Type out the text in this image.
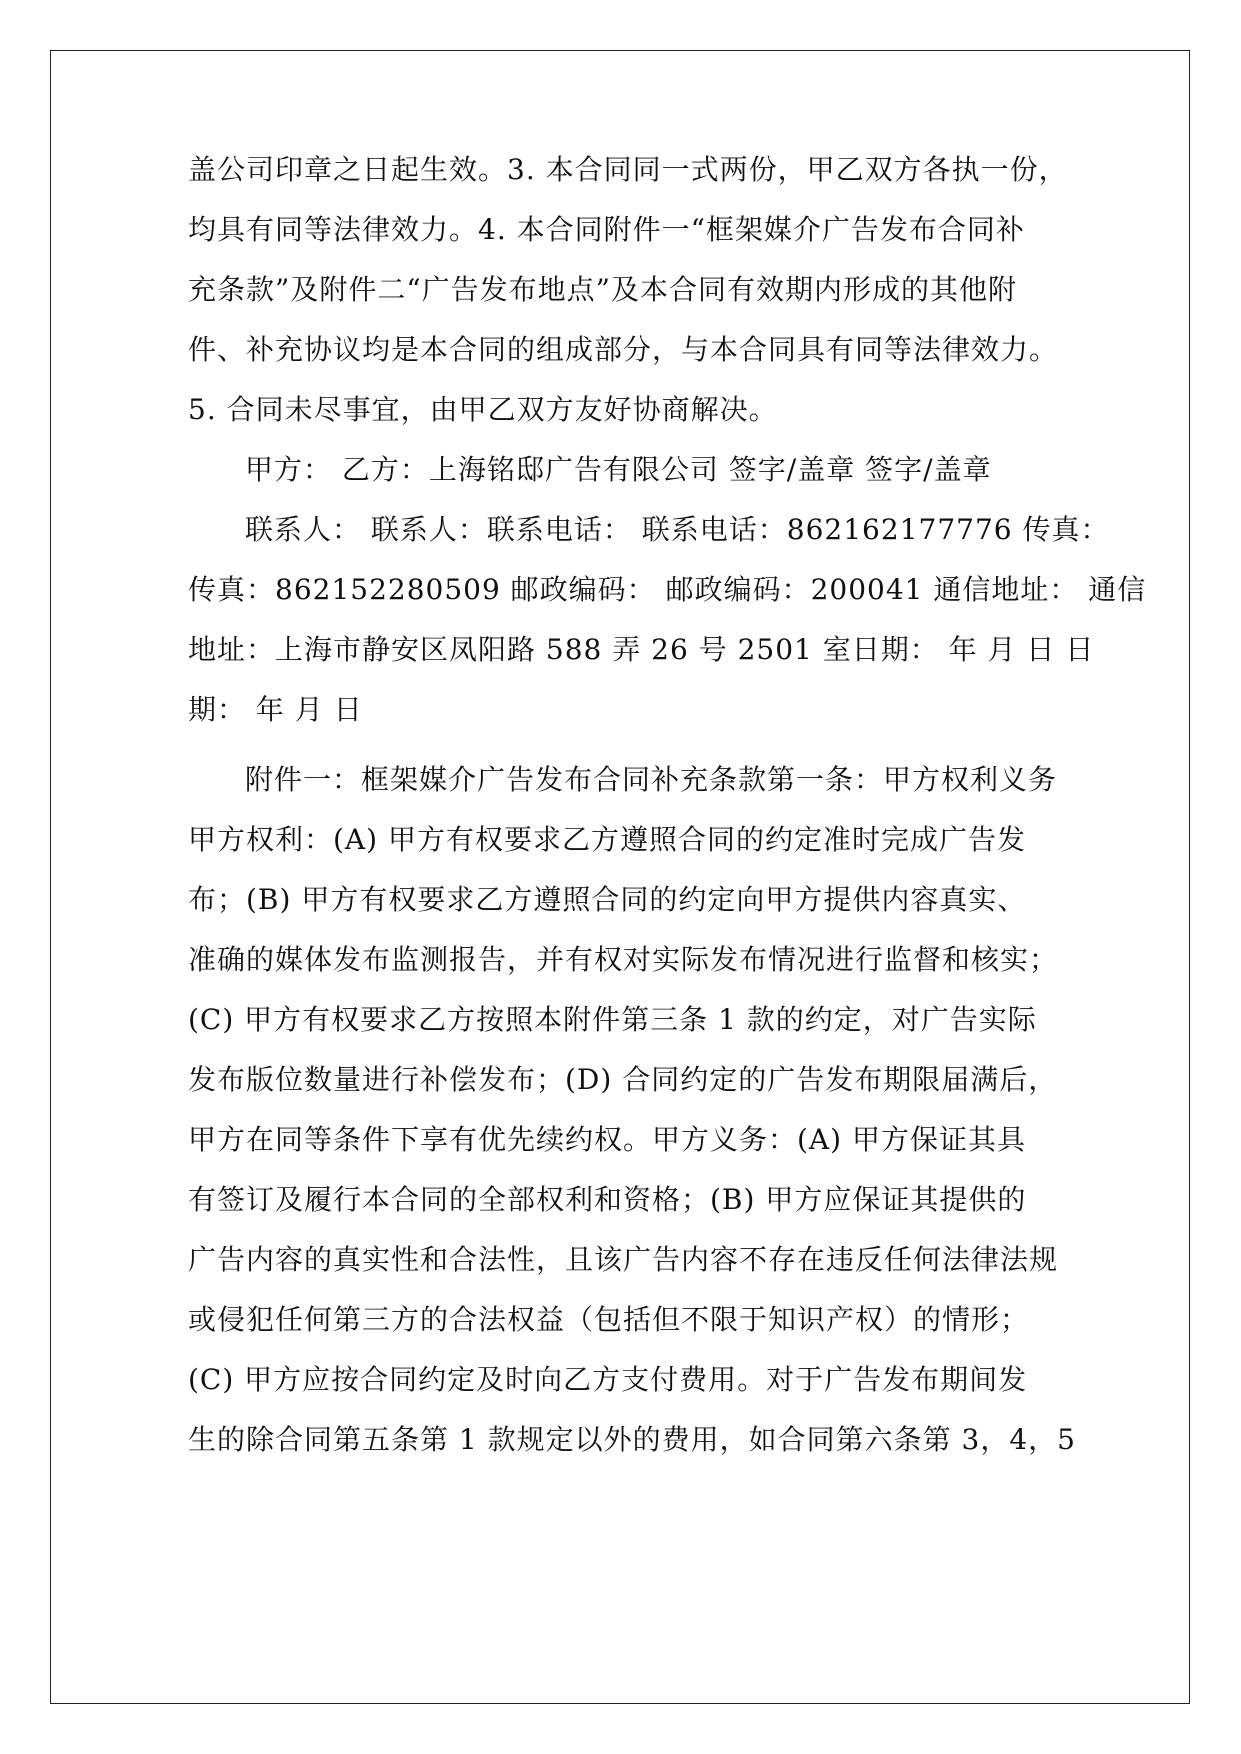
盖公司印章之日起生效。3. 本合同同一式两份，甲乙双方各执一份，
均具有同等法律效力。4. 本合同附件一“框架媒介广告发布合同补
充条款”及附件二“广告发布地点”及本合同有效期内形成的其他附
件、补充协议均是本合同的组成部分，与本合同具有同等法律效力。
5. 合同未尽事宜，由甲乙双方友好协商解决。
甲方： 乙方：上海铭邸广告有限公司 签字/盖章 签字/盖章
联系人： 联系人：联系电话： 联系电话：862162177776 传真：
传真：862152280509 邮政编码： 邮政编码：200041 通信地址： 通信
地址：上海市静安区凤阳路 588 弄 26 号 2501 室日期： 年 月 日 日
期： 年 月 日
附件一：框架媒介广告发布合同补充条款第一条：甲方权利义务
甲方权利：(A) 甲方有权要求乙方遵照合同的约定准时完成广告发
布；(B) 甲方有权要求乙方遵照合同的约定向甲方提供内容真实、
准确的媒体发布监测报告，并有权对实际发布情况进行监督和核实；
(C) 甲方有权要求乙方按照本附件第三条 1 款的约定，对广告实际
发布版位数量进行补偿发布；(D) 合同约定的广告发布期限届满后，
甲方在同等条件下享有优先续约权。甲方义务：(A) 甲方保证其具
有签订及履行本合同的全部权利和资格；(B) 甲方应保证其提供的
广告内容的真实性和合法性，且该广告内容不存在违反任何法律法规
或侵犯任何第三方的合法权益（包括但不限于知识产权）的情形；
(C) 甲方应按合同约定及时向乙方支付费用。对于广告发布期间发
生的除合同第五条第 1 款规定以外的费用，如合同第六条第 3，4，5
